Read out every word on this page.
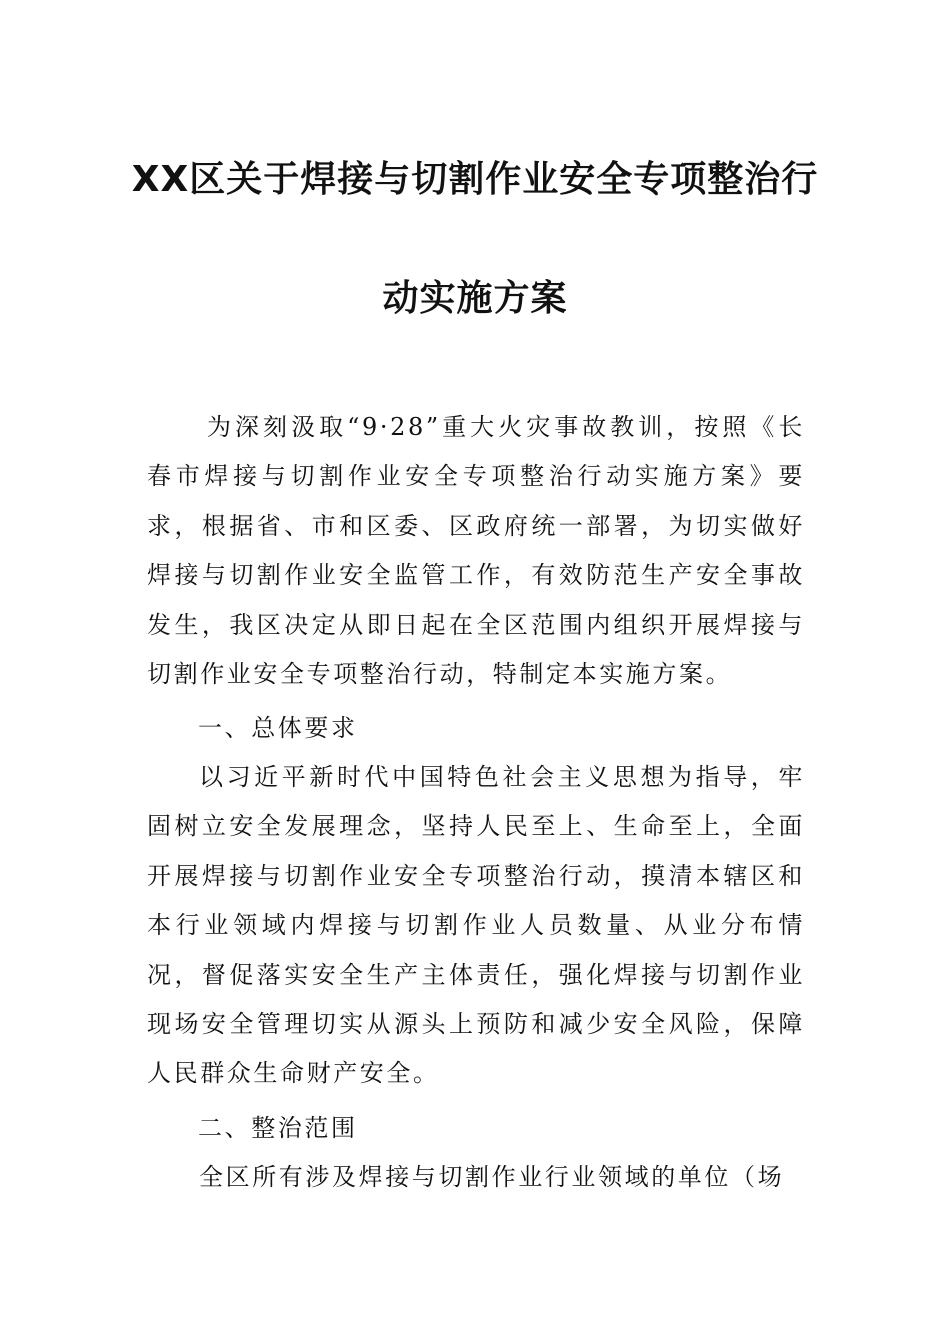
XX区关于焊接与切割作业安全专项整治行
动实施方案
为深刻汲取“9·28”重大火灾事故教训，按照《长春市焊接与切割作业安全专项整治行动实施方案》要求，根据省、市和区委、区政府统一部署，为切实做好焊接与切割作业安全监管工作，有效防范生产安全事故发生，我区决定从即日起在全区范围内组织开展焊接与切割作业安全专项整治行动，特制定本实施方案。
一、总体要求
以习近平新时代中国特色社会主义思想为指导，牢固树立安全发展理念，坚持人民至上、生命至上，全面开展焊接与切割作业安全专项整治行动，摸清本辖区和本行业领域内焊接与切割作业人员数量、从业分布情况，督促落实安全生产主体责任，强化焊接与切割作业现场安全管理切实从源头上预防和减少安全风险，保障人民群众生命财产安全。
二、整治范围
全区所有涉及焊接与切割作业行业领域的单位（场
